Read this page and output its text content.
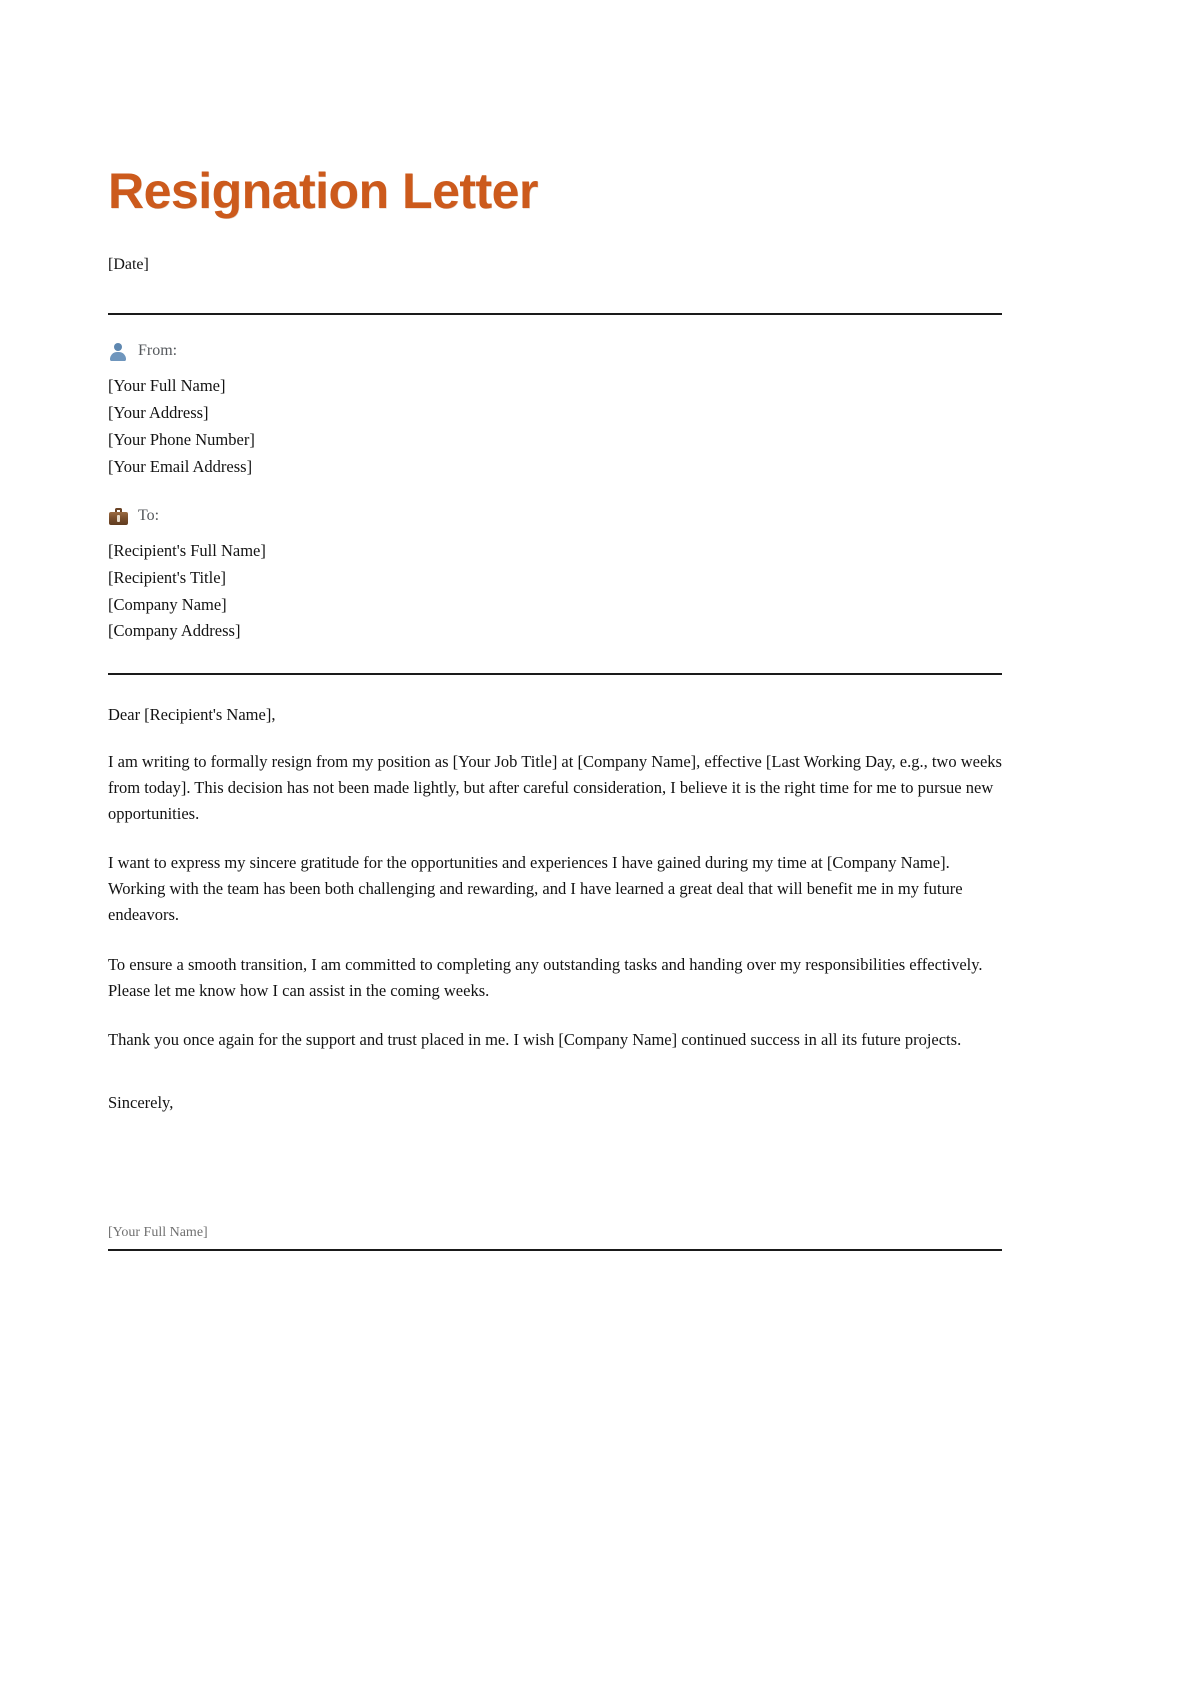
Resignation Letter

[Date]

From:
[Your Full Name]
[Your Address]
[Your Phone Number]
[Your Email Address]
To:
[Recipient's Full Name]
[Recipient's Title]
[Company Name]
[Company Address]

Dear [Recipient's Name],

I am writing to formally resign from my position as [Your Job Title] at [Company Name], effective [Last Working Day, e.g., two weeks from today]. This decision has not been made lightly, but after careful consideration, I believe it is the right time for me to pursue new opportunities.

I want to express my sincere gratitude for the opportunities and experiences I have gained during my time at [Company Name]. Working with the team has been both challenging and rewarding, and I have learned a great deal that will benefit me in my future endeavors.

To ensure a smooth transition, I am committed to completing any outstanding tasks and handing over my responsibilities effectively. Please let me know how I can assist in the coming weeks.

Thank you once again for the support and trust placed in me. I wish [Company Name] continued success in all its future projects.

Sincerely,

[Your Full Name]
